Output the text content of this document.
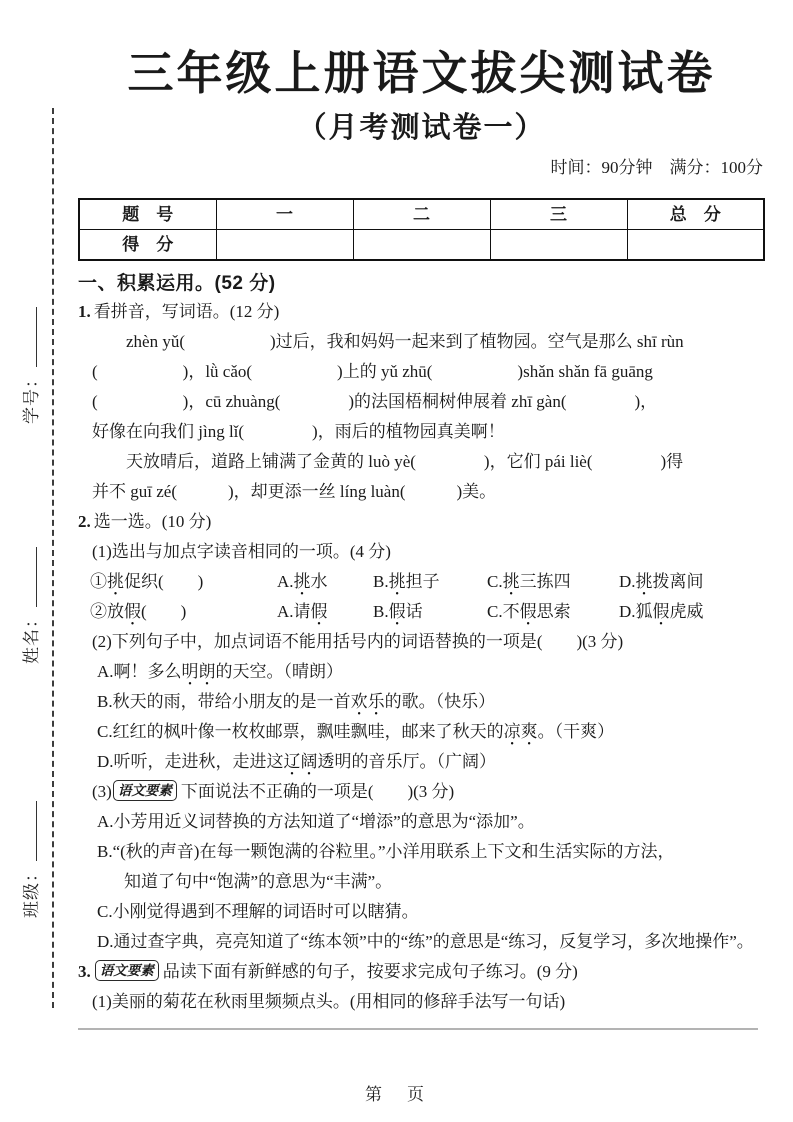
学号：
姓名：
班级：
三年级上册语文拔尖测试卷
（月考测试卷一）
时间：90分钟　满分：100分
题　号	一	二	三	总　分
得　分				
一、积累运用。(52 分)
1. 看拼音，写词语。(12 分)
zhèn yǔ(　　　　　)过后，我和妈妈一起来到了植物园。空气是那么 shī rùn
(　　　　　)，lǜ cǎo(　　　　　)上的 yǔ zhū(　　　　　)shǎn shǎn fā guāng
(　　　　　)，cū zhuàng(　　　　)的法国梧桐树伸展着 zhī gàn(　　　　)，
好像在向我们 jìng lǐ(　　　　)，雨后的植物园真美啊！
天放晴后，道路上铺满了金黄的 luò yè(　　　　)，它们 pái liè(　　　　)得
并不 guī zé(　　　)，却更添一丝 líng luàn(　　　)美。
2. 选一选。(10 分)
(1)选出与加点字读音相同的一项。(4 分)
①挑促织(　　)	A.挑水	B.挑担子	C.挑三拣四	D.挑拨离间
②放假(　　)	A.请假	B.假话	C.不假思索	D.狐假虎威
(2)下列句子中，加点词语不能用括号内的词语替换的一项是(　　)(3 分)
A.啊！多么明朗的天空。（晴朗）
B.秋天的雨，带给小朋友的是一首欢乐的歌。（快乐）
C.红红的枫叶像一枚枚邮票，飘哇飘哇，邮来了秋天的凉爽。（干爽）
D.听听，走进秋，走进这辽阔透明的音乐厅。（广阔）
(3) 语文要素 下面说法不正确的一项是(　　)(3 分)
A.小芳用近义词替换的方法知道了“增添”的意思为“添加”。
B.“(秋的声音)在每一颗饱满的谷粒里。”小洋用联系上下文和生活实际的方法，
知道了句中“饱满”的意思为“丰满”。
C.小刚觉得遇到不理解的词语时可以瞎猜。
D.通过查字典，亮亮知道了“练本领”中的“练”的意思是“练习，反复学习，多次地操作”。
3. 语文要素 品读下面有新鲜感的句子，按要求完成句子练习。(9 分)
(1)美丽的菊花在秋雨里频频点头。(用相同的修辞手法写一句话)
第　页
